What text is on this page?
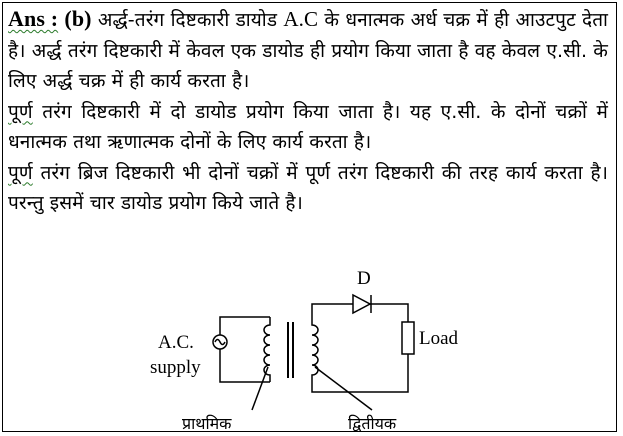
Ans : (b) अर्द्ध-तरंग दिष्टकारी डायोड A.C के धनात्मक अर्ध चक्र में ही आउटपुट देता है। अर्द्ध तरंग दिष्टकारी में केवल एक डायोड ही प्रयोग किया जाता है वह केवल ए.सी. के लिए अर्द्ध चक्र में ही कार्य करता है।
पूर्ण तरंग दिष्टकारी में दो डायोड प्रयोग किया जाता है। यह ए.सी. के दोनों चक्रों में धनात्मक तथा ऋणात्मक दोनों के लिए कार्य करता है।
पूर्ण तरंग ब्रिज दिष्टकारी भी दोनों चक्रों में पूर्ण तरंग दिष्टकारी की तरह कार्य करता है। परन्तु इसमें चार डायोड प्रयोग किये जाते है।
D
A.C.
supply
Load
प्राथमिक	द्वितीयक
